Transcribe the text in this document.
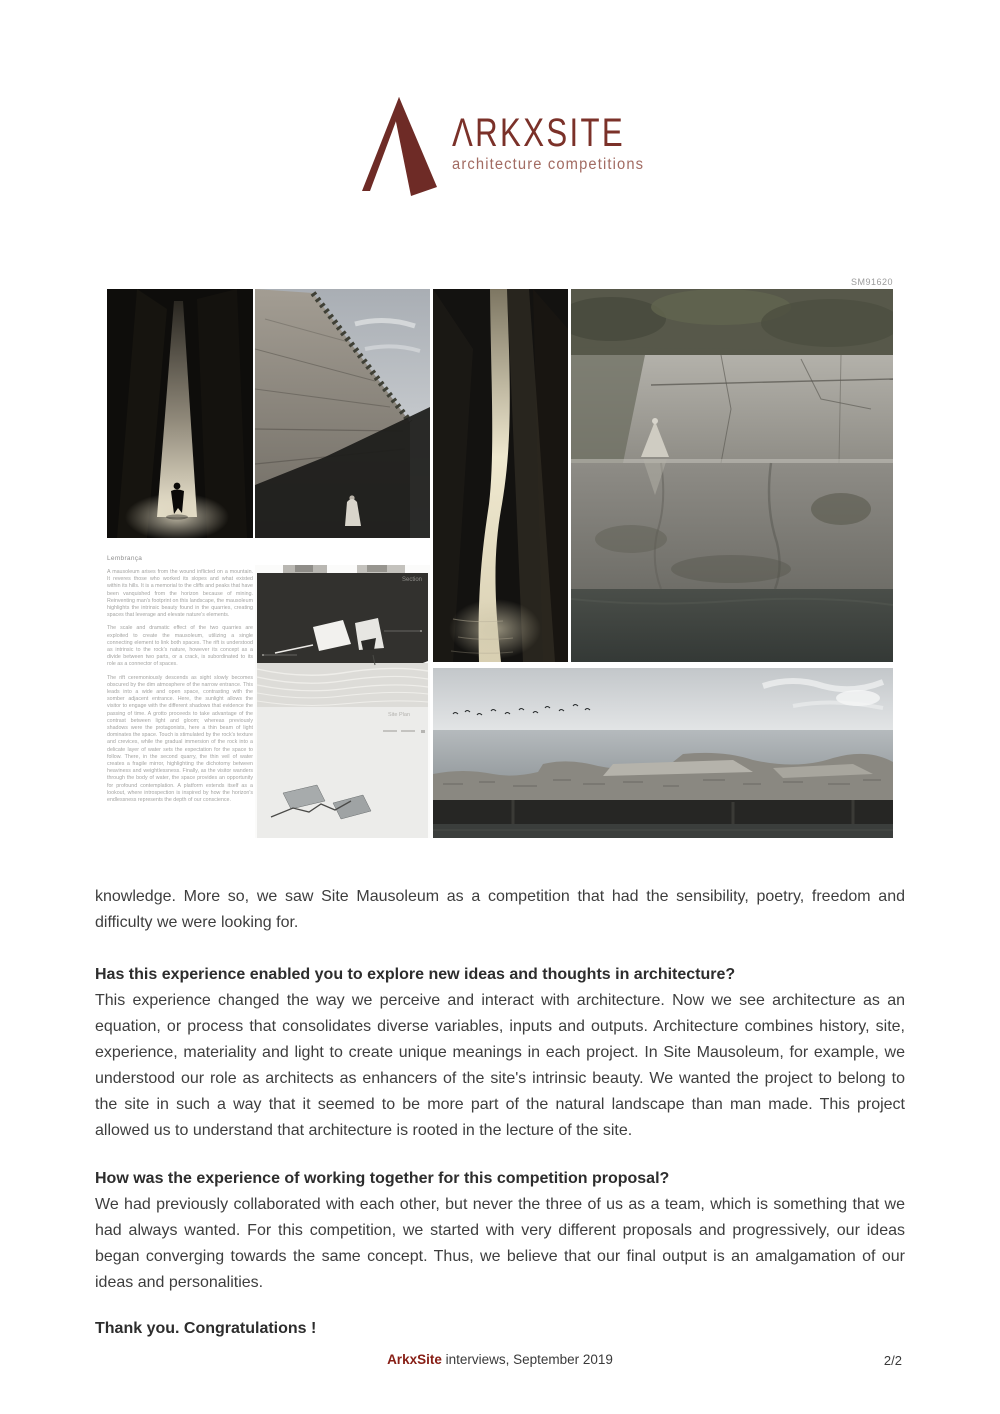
ΛRKXSITE
architecture competitions
SM91620
Lembrança

A mausoleum arises from the wound inflicted on a mountain. It reveres those who worked its slopes and what existed within its hills. It is a memorial to the cliffs and peaks that have been vanquished from the horizon because of mining. Reinventing man's footprint on this landscape, the mausoleum highlights the intrinsic beauty found in the quarries, creating spaces that leverage and elevate nature's elements.

The scale and dramatic effect of the two quarries are exploited to create the mausoleum, utilizing a single connecting element to link both spaces. The rift is understood as intrinsic to the rock's nature, however its concept as a divide between two parts, or a crack, is subordinated to its role as a connector of spaces.

The rift ceremoniously descends as sight slowly becomes obscured by the dim atmosphere of the narrow entrance. This leads into a wide and open space, contrasting with the somber adjacent entrance. Here, the sunlight allows the visitor to engage with the different shadows that evidence the passing of time. A grotto proceeds to take advantage of the contrast between light and gloom; whereas previously shadows were the protagonists, here a thin beam of light dominates the space. Touch is stimulated by the rock's texture and crevices, while the gradual immersion of the rock into a delicate layer of water sets the expectation for the space to follow. There, in the second quarry, the thin veil of water creates a fragile mirror, highlighting the dichotomy between heaviness and weightlessness. Finally, as the visitor wanders through the body of water, the space provides an opportunity for profound contemplation. A platform extends itself as a lookout, where introspection is inspired by how the horizon's endlessness represents the depth of our conscience.

Section
Site Plan

knowledge. More so, we saw Site Mausoleum as a competition that had the sensibility, poetry, freedom and difficulty we were looking for.

Has this experience enabled you to explore new ideas and thoughts in architecture?

This experience changed the way we perceive and interact with architecture. Now we see architecture as an equation, or process that consolidates diverse variables, inputs and outputs. Architecture combines history, site, experience, materiality and light to create unique meanings in each project. In Site Mausoleum, for example, we understood our role as architects as enhancers of the site's intrinsic beauty. We wanted the project to belong to the site in such a way that it seemed to be more part of the natural landscape than man made. This project allowed us to understand that architecture is rooted in the lecture of the site.

How was the experience of working together for this competition proposal?

We had previously collaborated with each other, but never the three of us as a team, which is something that we had always wanted. For this competition, we started with very different proposals and progressively, our ideas began converging towards the same concept. Thus, we believe that our final output is an amalgamation of our ideas and personalities.

Thank you. Congratulations !

ArkxSite interviews, September 2019	2/2
